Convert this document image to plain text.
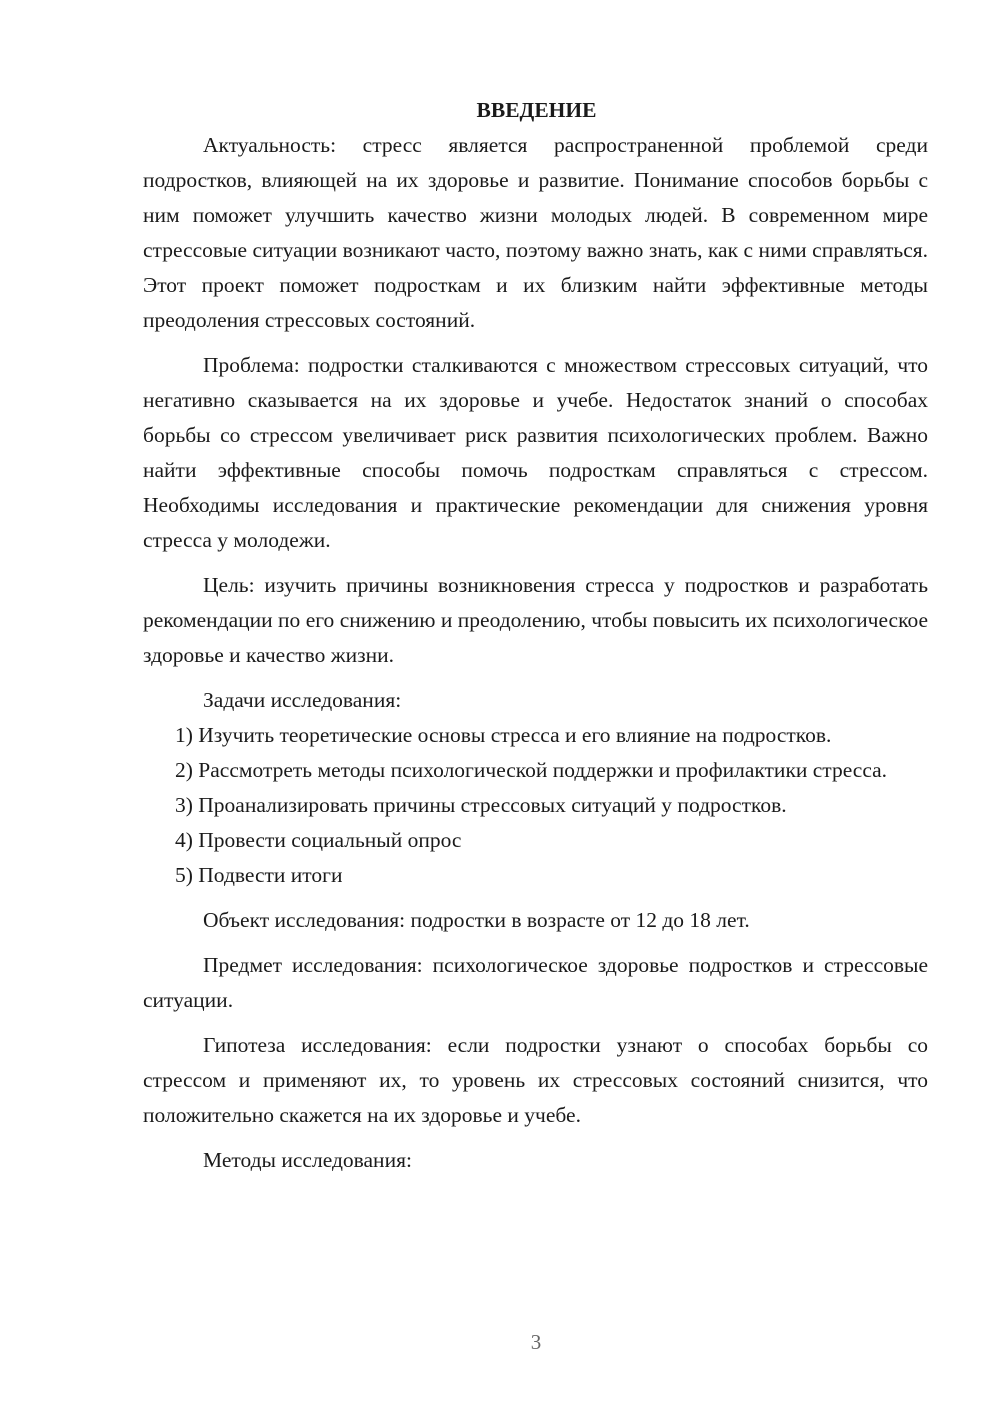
ВВЕДЕНИЕ

Актуальность: стресс является распространенной проблемой среди подростков, влияющей на их здоровье и развитие. Понимание способов борьбы с ним поможет улучшить качество жизни молодых людей. В современном мире стрессовые ситуации возникают часто, поэтому важно знать, как с ними справляться. Этот проект поможет подросткам и их близким найти эффективные методы преодоления стрессовых состояний.

Проблема: подростки сталкиваются с множеством стрессовых ситуаций, что негативно сказывается на их здоровье и учебе. Недостаток знаний о способах борьбы со стрессом увеличивает риск развития психологических проблем. Важно найти эффективные способы помочь подросткам справляться с стрессом. Необходимы исследования и практические рекомендации для снижения уровня стресса у молодежи.

Цель: изучить причины возникновения стресса у подростков и разработать рекомендации по его снижению и преодолению, чтобы повысить их психологическое здоровье и качество жизни.

Задачи исследования:

1) Изучить теоретические основы стресса и его влияние на подростков.

2) Рассмотреть методы психологической поддержки и профилактики стресса.

3) Проанализировать причины стрессовых ситуаций у подростков.

4) Провести социальный опрос

5) Подвести итоги

Объект исследования: подростки в возрасте от 12 до 18 лет.

Предмет исследования: психологическое здоровье подростков и стрессовые ситуации.

Гипотеза исследования: если подростки узнают о способах борьбы со стрессом и применяют их, то уровень их стрессовых состояний снизится, что положительно скажется на их здоровье и учебе.

Методы исследования:

3
